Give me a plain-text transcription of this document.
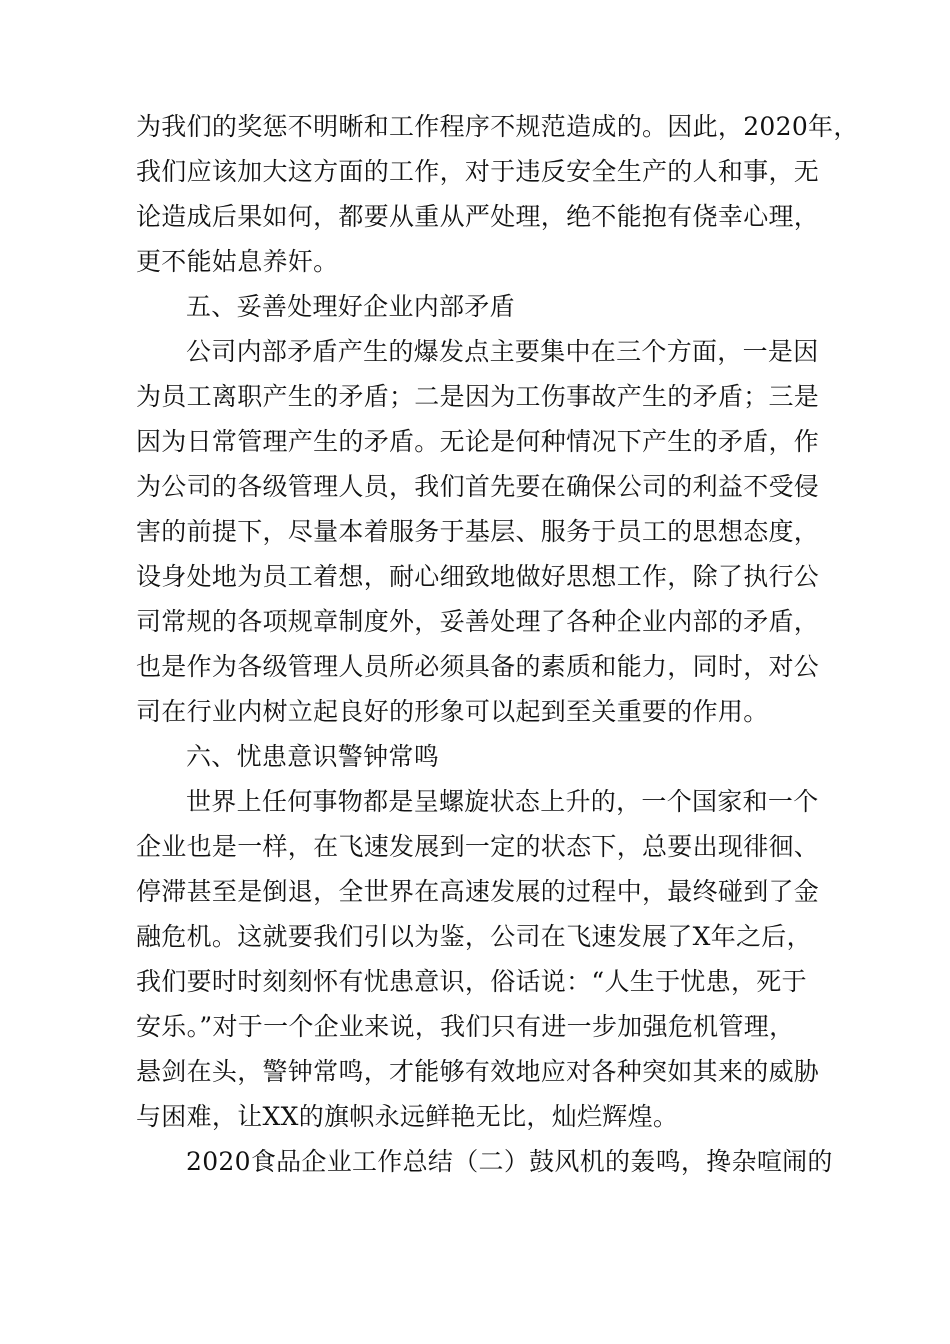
为我们的奖惩不明晰和工作程序不规范造成的。因此，2020年，
我们应该加大这方面的工作，对于违反安全生产的人和事，无
论造成后果如何，都要从重从严处理，绝不能抱有侥幸心理，
更不能姑息养奸。
五、妥善处理好企业内部矛盾
公司内部矛盾产生的爆发点主要集中在三个方面，一是因
为员工离职产生的矛盾；二是因为工伤事故产生的矛盾；三是
因为日常管理产生的矛盾。无论是何种情况下产生的矛盾，作
为公司的各级管理人员，我们首先要在确保公司的利益不受侵
害的前提下，尽量本着服务于基层、服务于员工的思想态度，
设身处地为员工着想，耐心细致地做好思想工作，除了执行公
司常规的各项规章制度外，妥善处理了各种企业内部的矛盾，
也是作为各级管理人员所必须具备的素质和能力，同时，对公
司在行业内树立起良好的形象可以起到至关重要的作用。
六、忧患意识警钟常鸣
世界上任何事物都是呈螺旋状态上升的，一个国家和一个
企业也是一样，在飞速发展到一定的状态下，总要出现徘徊、
停滞甚至是倒退，全世界在高速发展的过程中，最终碰到了金
融危机。这就要我们引以为鉴，公司在飞速发展了X年之后，
我们要时时刻刻怀有忧患意识，俗话说：“人生于忧患，死于
安乐。”对于一个企业来说，我们只有进一步加强危机管理，
悬剑在头，警钟常鸣，才能够有效地应对各种突如其来的威胁
与困难，让XX的旗帜永远鲜艳无比，灿烂辉煌。
2020食品企业工作总结（二）鼓风机的轰鸣，搀杂喧闹的
